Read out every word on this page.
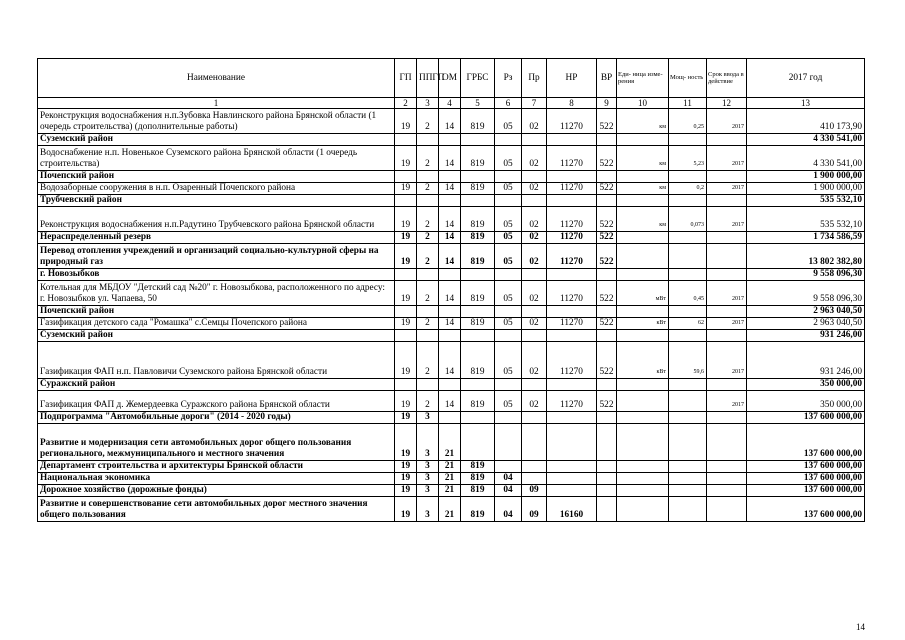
Наименование	ГП	ППГП	ОМ	ГРБС	Рз	Пр	НР	ВР	Еди- ница изме- рения	Мощ- ность	Срок ввода в действие	2017 год
1	2	3	4	5	6	7	8	9	10	11	12	13
Реконструкция водоснабжения н.п.Зубовка Навлинского района Брянской области (1 очередь строительства) (дополнительные работы)	19	2	14	819	05	02	11270	522	км	0,25	2017	410 173,90
Суземский район												4 330 541,00
Водоснабжение н.п. Новенькое Суземского района Брянской области (1 очередь строительства)	19	2	14	819	05	02	11270	522	км	5,23	2017	4 330 541,00
Почепский район												1 900 000,00
Водозаборные сооружения в н.п. Озаренный Почепского района	19	2	14	819	05	02	11270	522	км	0,2	2017	1 900 000,00
Трубчевский район												535 532,10
Реконструкция водоснабжения н.п.Радутино Трубчевского района Брянской области	19	2	14	819	05	02	11270	522	км	0,073	2017	535 532,10
Нераспределенный резерв	19	2	14	819	05	02	11270	522				1 734 586,59
Перевод отопления учреждений и организаций социально-культурной сферы на природный газ	19	2	14	819	05	02	11270	522				13 802 382,80
г. Новозыбков												9 558 096,30
Котельная для МБДОУ "Детский сад №20" г. Новозыбкова, расположенного по адресу: г. Новозыбков ул. Чапаева, 50	19	2	14	819	05	02	11270	522	мВт	0,45	2017	9 558 096,30
Почепский район												2 963 040,50
Газификация детского сада "Ромашка" с.Семцы Почепского района	19	2	14	819	05	02	11270	522	кВт	62	2017	2 963 040,50
Суземский район												931 246,00
Газификация ФАП н.п. Павловичи Суземского района Брянской области	19	2	14	819	05	02	11270	522	кВт	59,6	2017	931 246,00
Суражский район												350 000,00
Газификация ФАП д. Жемердеевка Суражского района Брянской области	19	2	14	819	05	02	11270	522			2017	350 000,00
Подпрограмма "Автомобильные дороги" (2014 - 2020 годы)	19	3										137 600 000,00
Развитие и модернизация сети автомобильных дорог общего пользования регионального, межмуниципального и местного значения	19	3	21									137 600 000,00
Департамент строительства и архитектуры Брянской области	19	3	21	819								137 600 000,00
Национальная экономика	19	3	21	819	04							137 600 000,00
Дорожное хозяйство (дорожные фонды)	19	3	21	819	04	09						137 600 000,00
Развитие и совершенствование сети автомобильных дорог местного значения общего пользования	19	3	21	819	04	09	16160					137 600 000,00
14
